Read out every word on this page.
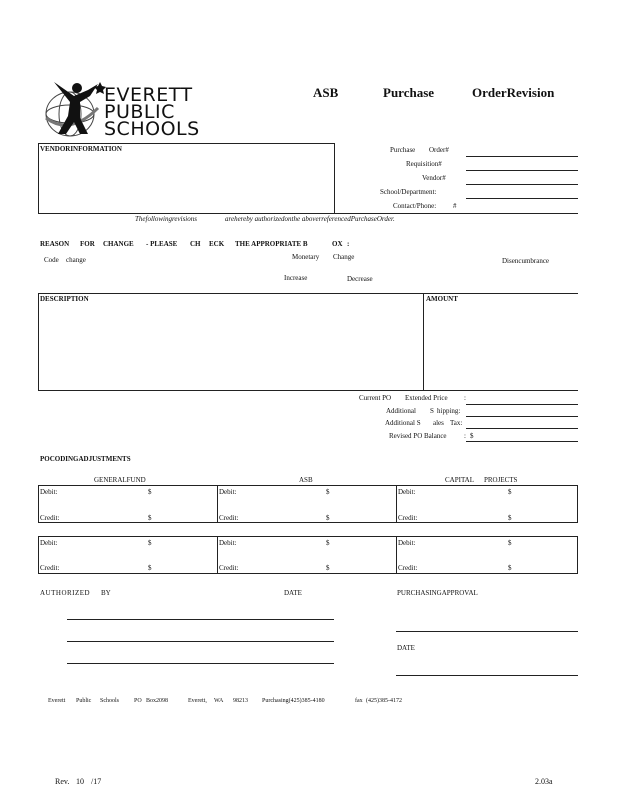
EVERETT
PUBLIC
SCHOOLS
ASB	Purchase	OrderRevision
VENDORINFORMATION	Purchase Order#
Requisition#
Vendor#
School/Department:
Contact/Phone: #
Thefollowingrevisions	arehereby authorizedonthe aboverreferencedPurchaseOrder.
REASON FOR CHANGE - PLEASE CH ECK THE APPROPRIATE B	OX :
Code change	Monetary Change	Disencumbrance
Increase	Decrease
DESCRIPTION	AMOUNT
Current PO Extended Price :
Additional S hipping:
Additional S ales Tax:
Revised PO Balance : $
POCODINGADJUSTMENTS
GENERALFUND	ASB	CAPITAL PROJECTS
Debit:	$	Debit:	$	Debit:	$
Credit:	$	Credit:	$	Credit:	$
Debit:	$	Debit:	$	Debit:	$
Credit:	$	Credit:	$	Credit:	$
AUTHORIZED BY	DATE	PURCHASINGAPPROVAL
DATE
Everett Public Schools PO Box2098	Everett, WA 98213 Purchasing(425)385-4180	fax (425)385-4172
Rev. 10 /17	2.03a
